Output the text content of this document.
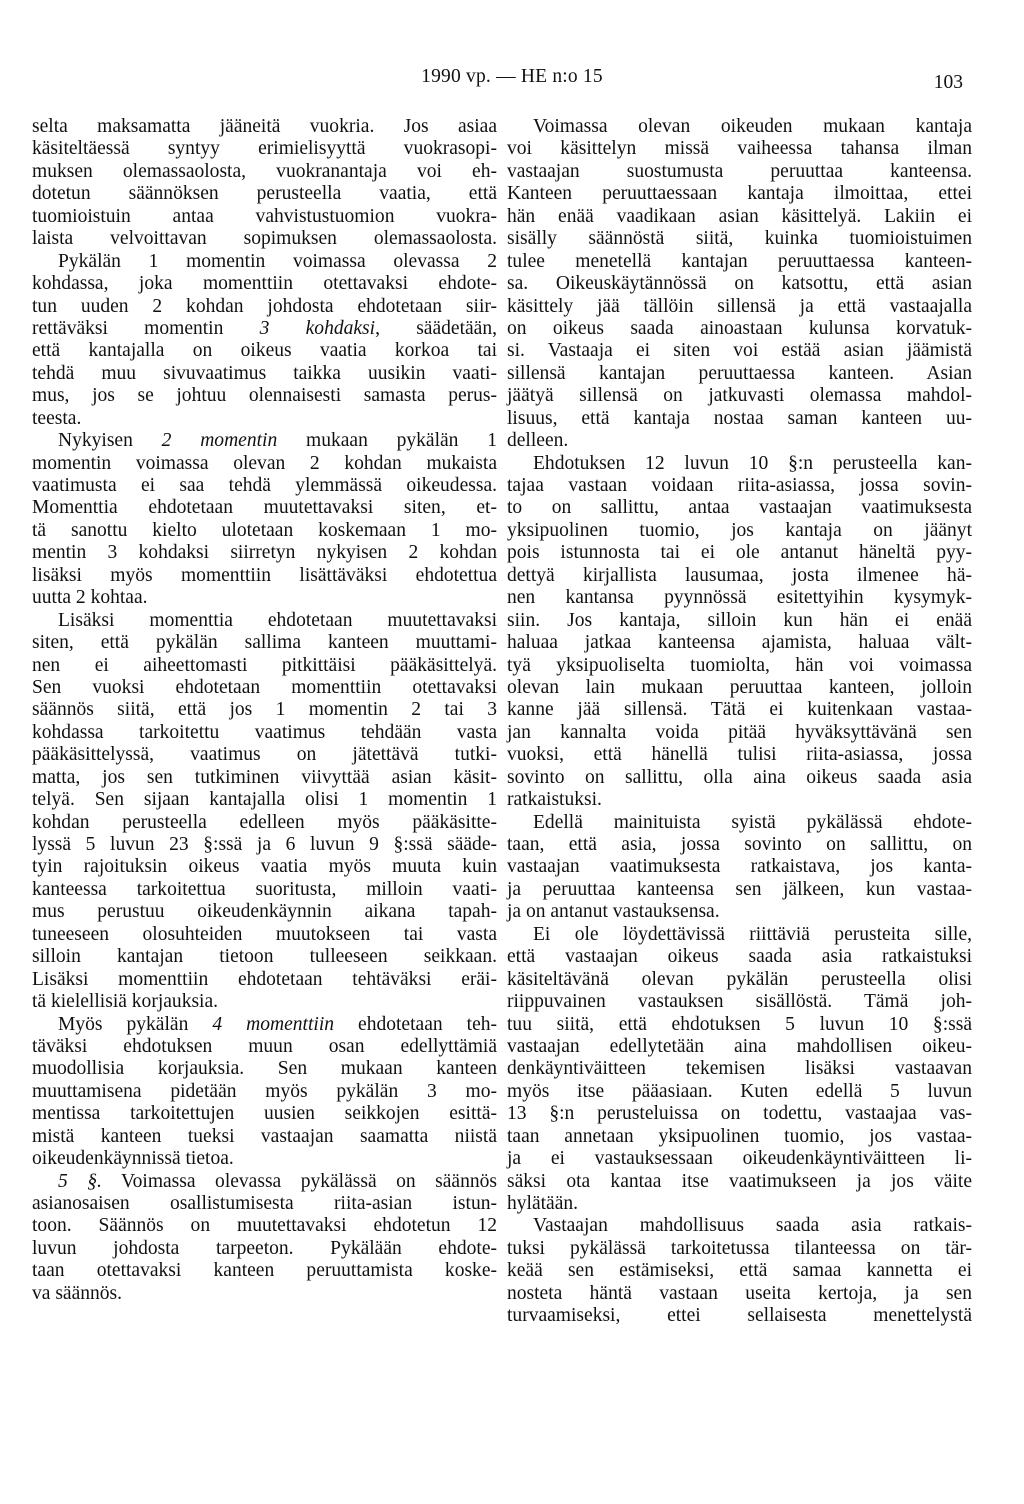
1990 vp. — HE n:o 15	103
selta maksamatta jääneitä vuokria. Jos asiaa
käsiteltäessä syntyy erimielisyyttä vuokrasopi-
muksen olemassaolosta, vuokranantaja voi eh-
dotetun säännöksen perusteella vaatia, että
tuomioistuin antaa vahvistustuomion vuokra-
laista velvoittavan sopimuksen olemassaolosta.
Pykälän 1 momentin voimassa olevassa 2
kohdassa, joka momenttiin otettavaksi ehdote-
tun uuden 2 kohdan johdosta ehdotetaan siir-
rettäväksi momentin 3 kohdaksi, säädetään,
että kantajalla on oikeus vaatia korkoa tai
tehdä muu sivuvaatimus taikka uusikin vaati-
mus, jos se johtuu olennaisesti samasta perus-
teesta.
Nykyisen 2 momentin mukaan pykälän 1
momentin voimassa olevan 2 kohdan mukaista
vaatimusta ei saa tehdä ylemmässä oikeudessa.
Momenttia ehdotetaan muutettavaksi siten, et-
tä sanottu kielto ulotetaan koskemaan 1 mo-
mentin 3 kohdaksi siirretyn nykyisen 2 kohdan
lisäksi myös momenttiin lisättäväksi ehdotettua
uutta 2 kohtaa.
Lisäksi momenttia ehdotetaan muutettavaksi
siten, että pykälän sallima kanteen muuttami-
nen ei aiheettomasti pitkittäisi pääkäsittelyä.
Sen vuoksi ehdotetaan momenttiin otettavaksi
säännös siitä, että jos 1 momentin 2 tai 3
kohdassa tarkoitettu vaatimus tehdään vasta
pääkäsittelyssä, vaatimus on jätettävä tutki-
matta, jos sen tutkiminen viivyttää asian käsit-
telyä. Sen sijaan kantajalla olisi 1 momentin 1
kohdan perusteella edelleen myös pääkäsitte-
lyssä 5 luvun 23 §:ssä ja 6 luvun 9 §:ssä sääde-
tyin rajoituksin oikeus vaatia myös muuta kuin
kanteessa tarkoitettua suoritusta, milloin vaati-
mus perustuu oikeudenkäynnin aikana tapah-
tuneeseen olosuhteiden muutokseen tai vasta
silloin kantajan tietoon tulleeseen seikkaan.
Lisäksi momenttiin ehdotetaan tehtäväksi eräi-
tä kielellisiä korjauksia.
Myös pykälän 4 momenttiin ehdotetaan teh-
täväksi ehdotuksen muun osan edellyttämiä
muodollisia korjauksia. Sen mukaan kanteen
muuttamisena pidetään myös pykälän 3 mo-
mentissa tarkoitettujen uusien seikkojen esittä-
mistä kanteen tueksi vastaajan saamatta niistä
oikeudenkäynnissä tietoa.
5 §. Voimassa olevassa pykälässä on säännös
asianosaisen osallistumisesta riita-asian istun-
toon. Säännös on muutettavaksi ehdotetun 12
luvun johdosta tarpeeton. Pykälään ehdote-
taan otettavaksi kanteen peruuttamista koske-
va säännös.
Voimassa olevan oikeuden mukaan kantaja
voi käsittelyn missä vaiheessa tahansa ilman
vastaajan suostumusta peruuttaa kanteensa.
Kanteen peruuttaessaan kantaja ilmoittaa, ettei
hän enää vaadikaan asian käsittelyä. Lakiin ei
sisälly säännöstä siitä, kuinka tuomioistuimen
tulee menetellä kantajan peruuttaessa kanteen-
sa. Oikeuskäytännössä on katsottu, että asian
käsittely jää tällöin sillensä ja että vastaajalla
on oikeus saada ainoastaan kulunsa korvatuk-
si. Vastaaja ei siten voi estää asian jäämistä
sillensä kantajan peruuttaessa kanteen. Asian
jäätyä sillensä on jatkuvasti olemassa mahdol-
lisuus, että kantaja nostaa saman kanteen uu-
delleen.
Ehdotuksen 12 luvun 10 §:n perusteella kan-
tajaa vastaan voidaan riita-asiassa, jossa sovin-
to on sallittu, antaa vastaajan vaatimuksesta
yksipuolinen tuomio, jos kantaja on jäänyt
pois istunnosta tai ei ole antanut häneltä pyy-
dettyä kirjallista lausumaa, josta ilmenee hä-
nen kantansa pyynnössä esitettyihin kysymyk-
siin. Jos kantaja, silloin kun hän ei enää
haluaa jatkaa kanteensa ajamista, haluaa vält-
tyä yksipuoliselta tuomiolta, hän voi voimassa
olevan lain mukaan peruuttaa kanteen, jolloin
kanne jää sillensä. Tätä ei kuitenkaan vastaa-
jan kannalta voida pitää hyväksyttävänä sen
vuoksi, että hänellä tulisi riita-asiassa, jossa
sovinto on sallittu, olla aina oikeus saada asia
ratkaistuksi.
Edellä mainituista syistä pykälässä ehdote-
taan, että asia, jossa sovinto on sallittu, on
vastaajan vaatimuksesta ratkaistava, jos kanta-
ja peruuttaa kanteensa sen jälkeen, kun vastaa-
ja on antanut vastauksensa.
Ei ole löydettävissä riittäviä perusteita sille,
että vastaajan oikeus saada asia ratkaistuksi
käsiteltävänä olevan pykälän perusteella olisi
riippuvainen vastauksen sisällöstä. Tämä joh-
tuu siitä, että ehdotuksen 5 luvun 10 §:ssä
vastaajan edellytetään aina mahdollisen oikeu-
denkäyntiväitteen tekemisen lisäksi vastaavan
myös itse pääasiaan. Kuten edellä 5 luvun
13 §:n perusteluissa on todettu, vastaajaa vas-
taan annetaan yksipuolinen tuomio, jos vastaa-
ja ei vastauksessaan oikeudenkäyntiväitteen li-
säksi ota kantaa itse vaatimukseen ja jos väite
hylätään.
Vastaajan mahdollisuus saada asia ratkais-
tuksi pykälässä tarkoitetussa tilanteessa on tär-
keää sen estämiseksi, että samaa kannetta ei
nosteta häntä vastaan useita kertoja, ja sen
turvaamiseksi, ettei sellaisesta menettelystä
